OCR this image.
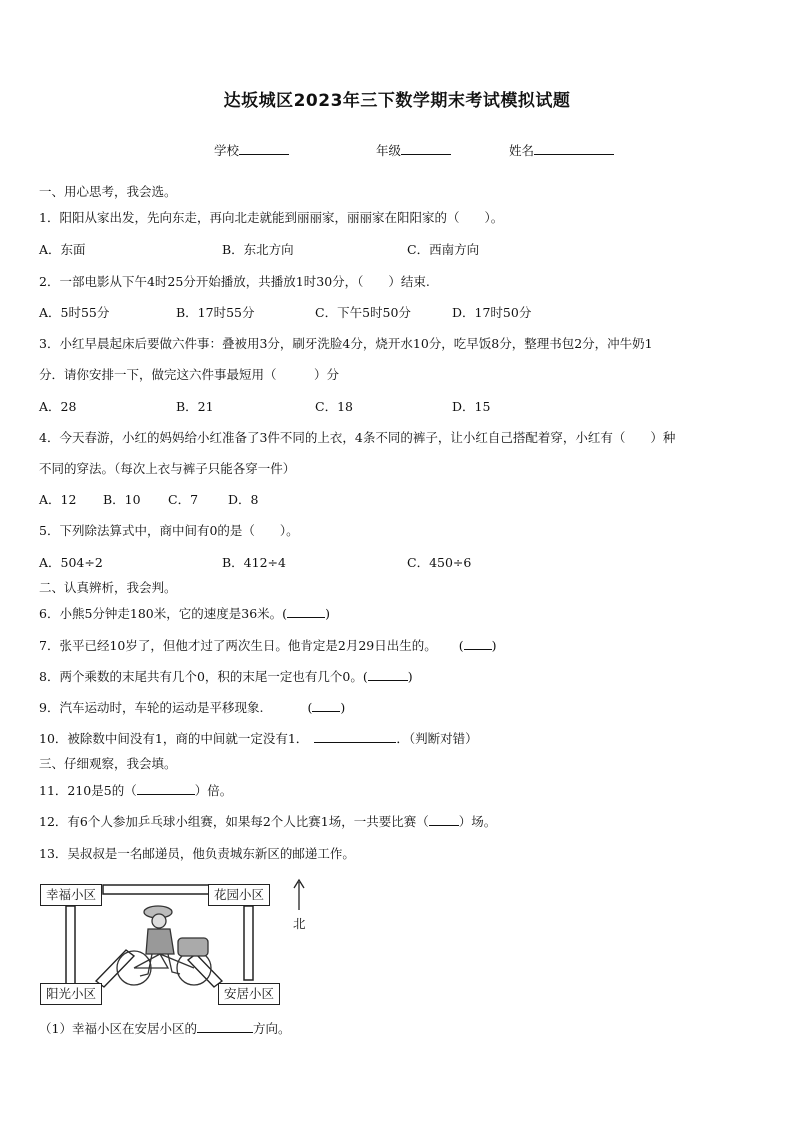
达坂城区2023年三下数学期末考试模拟试题
学校	年级	姓名
一、用心思考，我会选。
1．阳阳从家出发，先向东走，再向北走就能到丽丽家，丽丽家在阳阳家的（　　）。
A．东面	B．东北方向	C．西南方向
2．一部电影从下午4时25分开始播放，共播放1时30分，（　　）结束.
A．5时55分	B．17时55分	C．下午5时50分	D．17时50分
3．小红早晨起床后要做六件事：叠被用3分，刷牙洗脸4分，烧开水10分，吃早饭8分，整理书包2分，冲牛奶1
分．请你安排一下，做完这六件事最短用（　　　）分
A．28	B．21	C．18	D．15
4．今天春游，小红的妈妈给小红准备了3件不同的上衣，4条不同的裤子，让小红自己搭配着穿，小红有（　　）种
不同的穿法。（每次上衣与裤子只能各穿一件）
A．12 B．10 C．7 D．8
5．下列除法算式中，商中间有0的是（　　）。
A．504÷2	B．412÷4	C．450÷6
二、认真辨析，我会判。
6．小熊5分钟走180米，它的速度是36米。(	)
7．张平已经10岁了，但他才过了两次生日。他肯定是2月29日出生的。 ( )
8．两个乘数的末尾共有几个0，积的末尾一定也有几个0。(	)
9．汽车运动时，车轮的运动是平移现象.	( )
10．被除数中间没有1，商的中间就一定没有1．	．（判断对错）
三、仔细观察，我会填。
11．210是5的（	）倍。
12．有6个人参加乒乓球小组赛，如果每2个人比赛1场，一共要比赛（ ）场。
13．吴叔叔是一名邮递员，他负责城东新区的邮递工作。
幸福小区	花园小区
阳光小区	安居小区
北
（1）幸福小区在安居小区的	方向。
